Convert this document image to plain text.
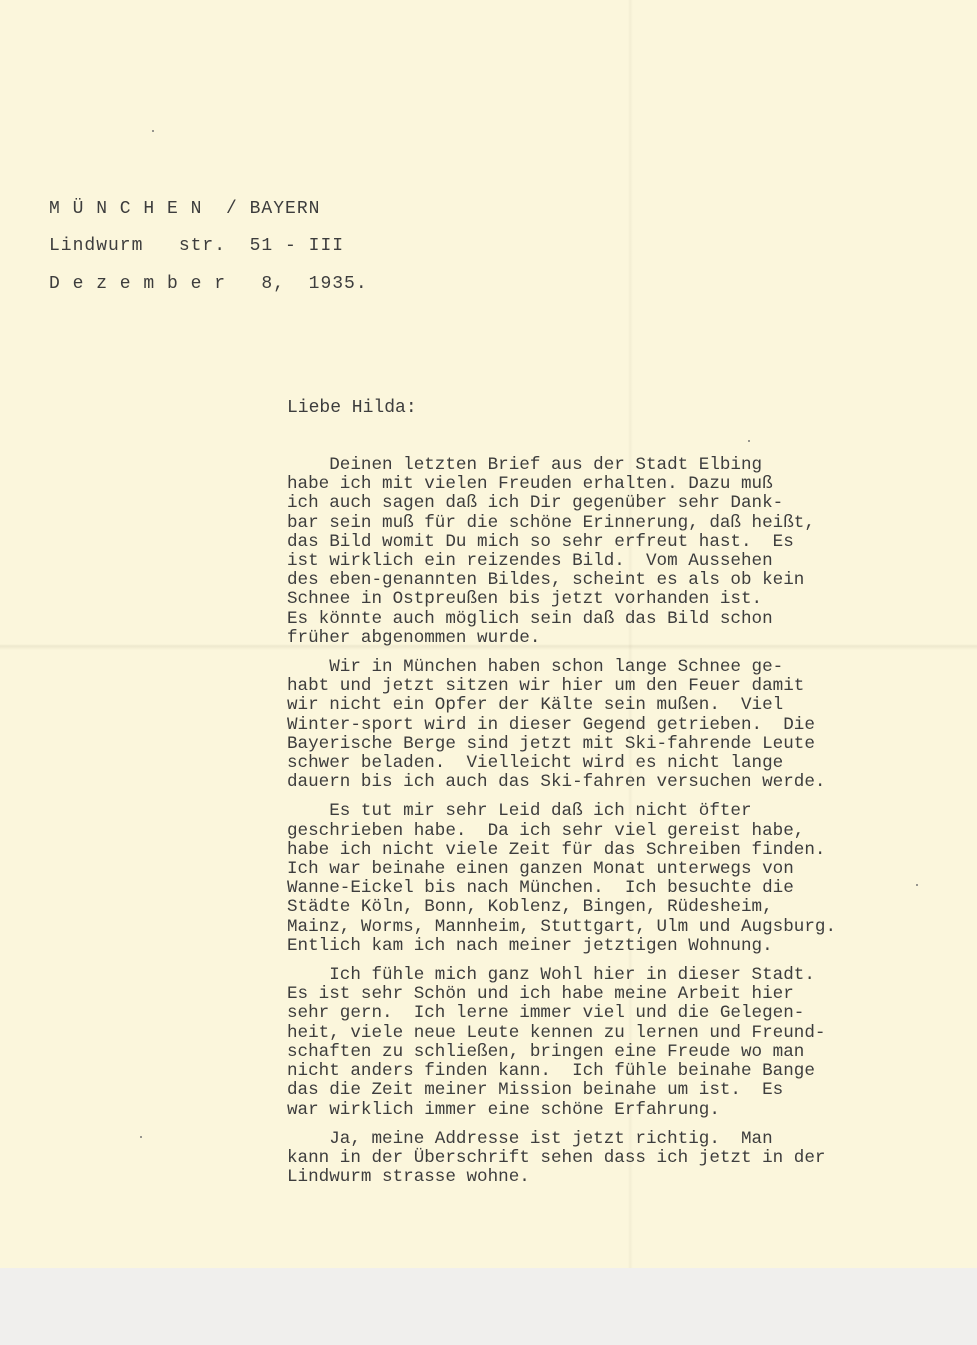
M Ü N C H E N  / BAYERN
Lindwurm   str.  51 - III
D e z e m b e r   8,  1935.
Liebe Hilda:
Deinen letzten Brief aus der Stadt Elbing
habe ich mit vielen Freuden erhalten. Dazu muß
ich auch sagen daß ich Dir gegenüber sehr Dank-
bar sein muß für die schöne Erinnerung, daß heißt,
das Bild womit Du mich so sehr erfreut hast.  Es
ist wirklich ein reizendes Bild.  Vom Aussehen
des eben-genannten Bildes, scheint es als ob kein
Schnee in Ostpreußen bis jetzt vorhanden ist.
Es könnte auch möglich sein daß das Bild schon
früher abgenommen wurde.
Wir in München haben schon lange Schnee ge-
habt und jetzt sitzen wir hier um den Feuer damit
wir nicht ein Opfer der Kälte sein mußen.  Viel
Winter-sport wird in dieser Gegend getrieben.  Die
Bayerische Berge sind jetzt mit Ski-fahrende Leute
schwer beladen.  Vielleicht wird es nicht lange
dauern bis ich auch das Ski-fahren versuchen werde.
Es tut mir sehr Leid daß ich nicht öfter
geschrieben habe.  Da ich sehr viel gereist habe,
habe ich nicht viele Zeit für das Schreiben finden.
Ich war beinahe einen ganzen Monat unterwegs von
Wanne-Eickel bis nach München.  Ich besuchte die
Städte Köln, Bonn, Koblenz, Bingen, Rüdesheim,
Mainz, Worms, Mannheim, Stuttgart, Ulm und Augsburg.
Entlich kam ich nach meiner jetztigen Wohnung.
Ich fühle mich ganz Wohl hier in dieser Stadt.
Es ist sehr Schön und ich habe meine Arbeit hier
sehr gern.  Ich lerne immer viel und die Gelegen-
heit, viele neue Leute kennen zu lernen und Freund-
schaften zu schließen, bringen eine Freude wo man
nicht anders finden kann.  Ich fühle beinahe Bange
das die Zeit meiner Mission beinahe um ist.  Es
war wirklich immer eine schöne Erfahrung.
Ja, meine Addresse ist jetzt richtig.  Man
kann in der Überschrift sehen dass ich jetzt in der
Lindwurm strasse wohne.
